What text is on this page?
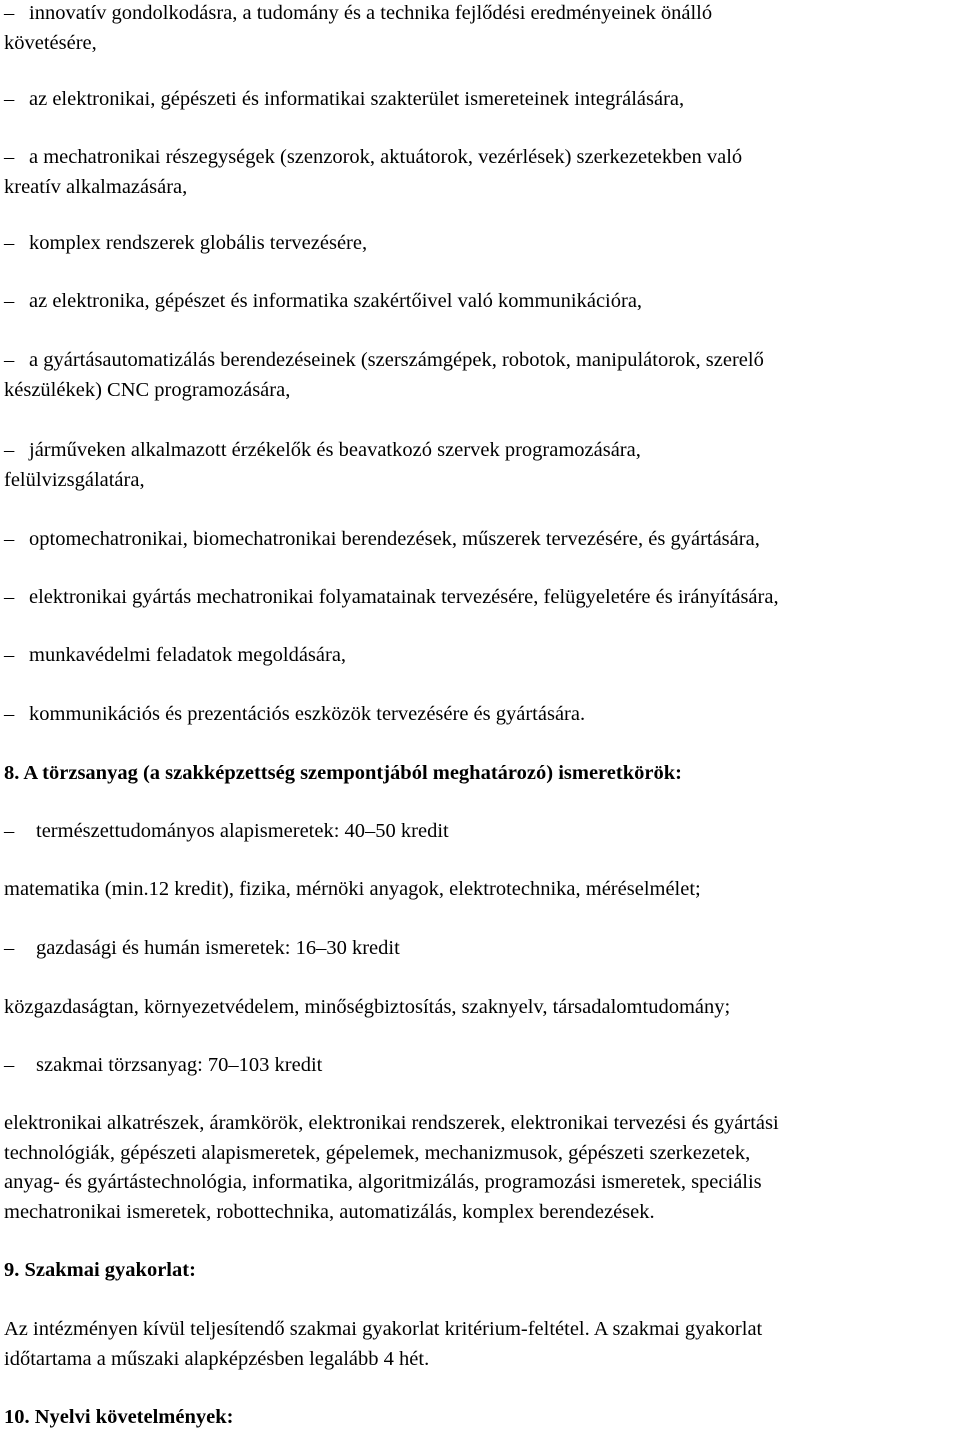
– innovatív gondolkodásra, a tudomány és a technika fejlődési eredményeinek önálló
követésére,
– az elektronikai, gépészeti és informatikai szakterület ismereteinek integrálására,
– a mechatronikai részegységek (szenzorok, aktuátorok, vezérlések) szerkezetekben való
kreatív alkalmazására,
– komplex rendszerek globális tervezésére,
– az elektronika, gépészet és informatika szakértőivel való kommunikációra,
– a gyártásautomatizálás berendezéseinek (szerszámgépek, robotok, manipulátorok, szerelő
készülékek) CNC programozására,
– járműveken alkalmazott érzékelők és beavatkozó szervek programozására,
felülvizsgálatára,
– optomechatronikai, biomechatronikai berendezések, műszerek tervezésére, és gyártására,
– elektronikai gyártás mechatronikai folyamatainak tervezésére, felügyeletére és irányítására,
– munkavédelmi feladatok megoldására,
– kommunikációs és prezentációs eszközök tervezésére és gyártására.
8. A törzsanyag (a szakképzettség szempontjából meghatározó) ismeretkörök:
– természettudományos alapismeretek: 40–50 kredit
matematika (min.12 kredit), fizika, mérnöki anyagok, elektrotechnika, méréselmélet;
– gazdasági és humán ismeretek: 16–30 kredit
közgazdaságtan, környezetvédelem, minőségbiztosítás, szaknyelv, társadalomtudomány;
– szakmai törzsanyag: 70–103 kredit
elektronikai alkatrészek, áramkörök, elektronikai rendszerek, elektronikai tervezési és gyártási
technológiák, gépészeti alapismeretek, gépelemek, mechanizmusok, gépészeti szerkezetek,
anyag- és gyártástechnológia, informatika, algoritmizálás, programozási ismeretek, speciális
mechatronikai ismeretek, robottechnika, automatizálás, komplex berendezések.
9. Szakmai gyakorlat:
Az intézményen kívül teljesítendő szakmai gyakorlat kritérium-feltétel. A szakmai gyakorlat
időtartama a műszaki alapképzésben legalább 4 hét.
10. Nyelvi követelmények:
